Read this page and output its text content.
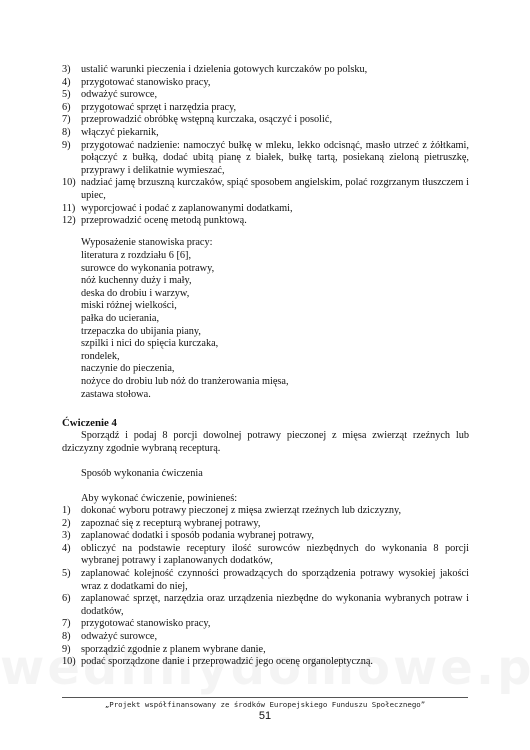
3) ustalić warunki pieczenia i dzielenia gotowych kurczaków po polsku,
4) przygotować stanowisko pracy,
5) odważyć surowce,
6) przygotować sprzęt i narzędzia pracy,
7) przeprowadzić obróbkę wstępną kurczaka, osączyć i posolić,
8) włączyć piekarnik,
9) przygotować nadzienie: namoczyć bułkę w mleku, lekko odcisnąć, masło utrzeć z żółtkami, połączyć z bułką, dodać ubitą pianę z białek, bułkę tartą, posiekaną zieloną pietruszkę, przyprawy i delikatnie wymieszać,
10) nadziać jamę brzuszną kurczaków, spiąć sposobem angielskim, polać rozgrzanym tłuszczem i upiec,
11) wyporcjować i podać z zaplanowanymi dodatkami,
12) przeprowadzić ocenę metodą punktową.
Wyposażenie stanowiska pracy:
literatura z rozdziału 6 [6],
surowce do wykonania potrawy,
nóż kuchenny duży i mały,
deska do drobiu i warzyw,
miski różnej wielkości,
pałka do ucierania,
trzepaczka do ubijania piany,
szpilki i nici do spięcia kurczaka,
rondelek,
naczynie do pieczenia,
nożyce do drobiu lub nóż do tranżerowania mięsa,
zastawa stołowa.
Ćwiczenie 4
Sporządź i podaj 8 porcji dowolnej potrawy pieczonej z mięsa zwierząt rzeźnych lub dziczyzny zgodnie wybraną recepturą.
Sposób wykonania ćwiczenia
Aby wykonać ćwiczenie, powinieneś:
1) dokonać wyboru potrawy pieczonej z mięsa zwierząt rzeźnych lub dziczyzny,
2) zapoznać się z recepturą wybranej potrawy,
3) zaplanować dodatki i sposób podania wybranej potrawy,
4) obliczyć na podstawie receptury ilość surowców niezbędnych do wykonania 8 porcji wybranej potrawy i zaplanowanych dodatków,
5) zaplanować kolejność czynności prowadzących do sporządzenia potrawy wysokiej jakości wraz z dodatkami do niej,
6) zaplanować sprzęt, narzędzia oraz urządzenia niezbędne do wykonania wybranych potraw i dodatków,
7) przygotować stanowisko pracy,
8) odważyć surowce,
9) sporządzić zgodnie z planem wybrane danie,
10) podać sporządzone danie i przeprowadzić jego ocenę organoleptyczną.
„Projekt współfinansowany ze środków Europejskiego Funduszu Społecznego”
51
